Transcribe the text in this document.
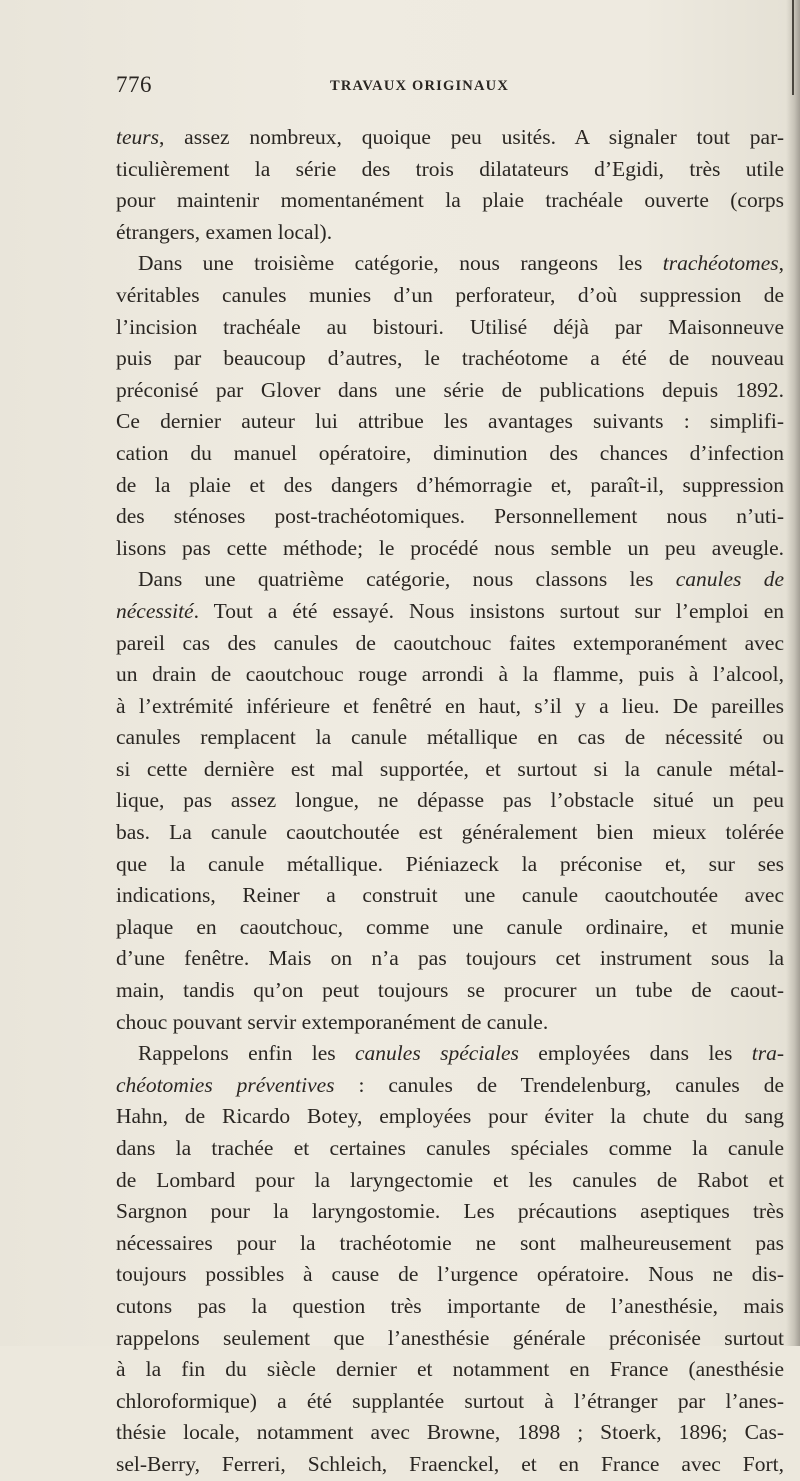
776	TRAVAUX ORIGINAUX
teurs, assez nombreux, quoique peu usités. A signaler tout par-
ticulièrement la série des trois dilatateurs d’Egidi, très utile
pour maintenir momentanément la plaie trachéale ouverte (corps
étrangers, examen local).
Dans une troisième catégorie, nous rangeons les trachéotomes,
véritables canules munies d’un perforateur, d’où suppression de
l’incision trachéale au bistouri. Utilisé déjà par Maisonneuve
puis par beaucoup d’autres, le trachéotome a été de nouveau
préconisé par Glover dans une série de publications depuis 1892.
Ce dernier auteur lui attribue les avantages suivants : simplifi-
cation du manuel opératoire, diminution des chances d’infection
de la plaie et des dangers d’hémorragie et, paraît-il, suppression
des sténoses post-trachéotomiques. Personnellement nous n’uti-
lisons pas cette méthode; le procédé nous semble un peu aveugle.
Dans une quatrième catégorie, nous classons les canules de
nécessité. Tout a été essayé. Nous insistons surtout sur l’emploi en
pareil cas des canules de caoutchouc faites extemporanément avec
un drain de caoutchouc rouge arrondi à la flamme, puis à l’alcool,
à l’extrémité inférieure et fenêtré en haut, s’il y a lieu. De pareilles
canules remplacent la canule métallique en cas de nécessité ou
si cette dernière est mal supportée, et surtout si la canule métal-
lique, pas assez longue, ne dépasse pas l’obstacle situé un peu
bas. La canule caoutchoutée est généralement bien mieux tolérée
que la canule métallique. Piéniazeck la préconise et, sur ses
indications, Reiner a construit une canule caoutchoutée avec
plaque en caoutchouc, comme une canule ordinaire, et munie
d’une fenêtre. Mais on n’a pas toujours cet instrument sous la
main, tandis qu’on peut toujours se procurer un tube de caout-
chouc pouvant servir extemporanément de canule.
Rappelons enfin les canules spéciales employées dans les tra-
chéotomies préventives : canules de Trendelenburg, canules de
Hahn, de Ricardo Botey, employées pour éviter la chute du sang
dans la trachée et certaines canules spéciales comme la canule
de Lombard pour la laryngectomie et les canules de Rabot et
Sargnon pour la laryngostomie. Les précautions aseptiques très
nécessaires pour la trachéotomie ne sont malheureusement pas
toujours possibles à cause de l’urgence opératoire. Nous ne dis-
cutons pas la question très importante de l’anesthésie, mais
rappelons seulement que l’anesthésie générale préconisée surtout
à la fin du siècle dernier et notamment en France (anesthésie
chloroformique) a été supplantée surtout à l’étranger par l’anes-
thésie locale, notamment avec Browne, 1898 ; Stoerk, 1896; Cas-
sel-Berry, Ferreri, Schleich, Fraenckel, et en France avec Fort,
